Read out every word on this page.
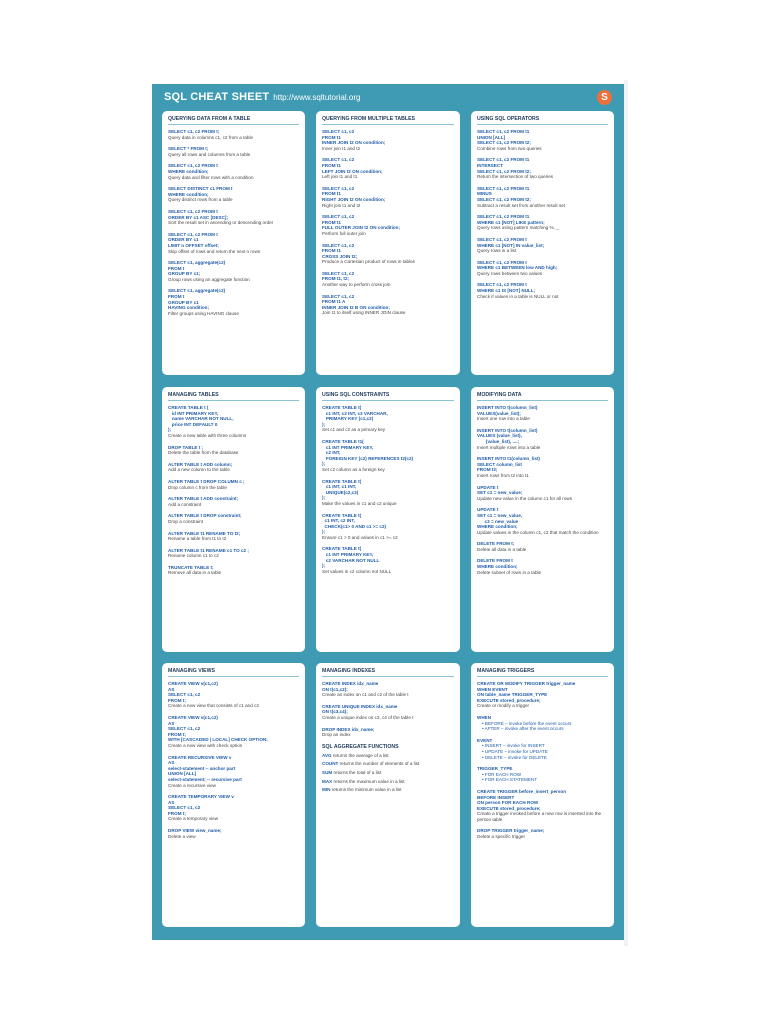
SQL CHEAT SHEET http://www.sqltutorial.org	S
QUERYING DATA FROM A TABLE
SELECT c1, c2 FROM t;
Query data in columns c1, c2 from a table
SELECT * FROM t;
Query all rows and columns from a table
SELECT c1, c2 FROM t
WHERE condition;
Query data and filter rows with a condition
SELECT DISTINCT c1 FROM t
WHERE condition;
Query distinct rows from a table
SELECT c1, c2 FROM t
ORDER BY c1 ASC [DESC];
Sort the result set in ascending or descending order
SELECT c1, c2 FROM t
ORDER BY c1
LIMIT n OFFSET offset;
Skip offset of rows and return the next n rows
SELECT c1, aggregate(c2)
FROM t
GROUP BY c1;
Group rows using an aggregate function
SELECT c1, aggregate(c2)
FROM t
GROUP BY c1
HAVING condition;
Filter groups using HAVING clause
QUERYING FROM MULTIPLE TABLES
SELECT c1, c2
FROM t1
INNER JOIN t2 ON condition;
Inner join t1 and t2
SELECT c1, c2
FROM t1
LEFT JOIN t2 ON condition;
Left join t1 and t1
SELECT c1, c2
FROM t1
RIGHT JOIN t2 ON condition;
Right join t1 and t2
SELECT c1, c2
FROM t1
FULL OUTER JOIN t2 ON condition;
Perform full outer join
SELECT c1, c2
FROM t1
CROSS JOIN t2;
Produce a Cartesian product of rows in tables
SELECT c1, c2
FROM t1, t2;
Another way to perform cross join
SELECT c1, c2
FROM t1 A
INNER JOIN t2 B ON condition;
Join t1 to itself using INNER JOIN clause
USING SQL OPERATORS
SELECT c1, c2 FROM t1
UNION [ALL]
SELECT c1, c2 FROM t2;
Combine rows from two queries
SELECT c1, c2 FROM t1
INTERSECT
SELECT c1, c2 FROM t2;
Return the intersection of two queries
SELECT c1, c2 FROM t1
MINUS
SELECT c1, c2 FROM t2;
Subtract a result set from another result set
SELECT c1, c2 FROM t1
WHERE c1 [NOT] LIKE pattern;
Query rows using pattern matching %, _
SELECT c1, c2 FROM t
WHERE c1 [NOT] IN value_list;
Query rows in a list
SELECT c1, c2 FROM t
WHERE c1 BETWEEN low AND high;
Query rows between two values
SELECT c1, c2 FROM t
WHERE c1 IS [NOT] NULL;
Check if values in a table is NULL or not
MANAGING TABLES
CREATE TABLE t (
id INT PRIMARY KEY,
name VARCHAR NOT NULL,
price INT DEFAULT 0
);
Create a new table with three columns
DROP TABLE t ;
Delete the table from the database
ALTER TABLE t ADD column;
Add a new column to the table
ALTER TABLE t DROP COLUMN c ;
Drop column c from the table
ALTER TABLE t ADD constraint;
Add a constraint
ALTER TABLE t DROP constraint;
Drop a constraint
ALTER TABLE t1 RENAME TO t2;
Rename a table from t1 to t2
ALTER TABLE t1 RENAME c1 TO c2 ;
Rename column c1 to c2
TRUNCATE TABLE t;
Remove all data in a table
USING SQL CONSTRAINTS
CREATE TABLE t(
c1 INT, c2 INT, c3 VARCHAR,
PRIMARY KEY (c1,c2)
);
Set c1 and c2 as a primary key
CREATE TABLE t1(
c1 INT PRIMARY KEY,
c2 INT,
FOREIGN KEY (c2) REFERENCES t2(c2)
);
Set c2 column as a foreign key
CREATE TABLE t(
c1 INT, c1 INT,
UNIQUE(c2,c3)
);
Make the values in c1 and c2 unique
CREATE TABLE t(
c1 INT, c2 INT,
CHECK(c1> 0 AND c1 >= c2)
);
Ensure c1 > 0 and values in c1 >= c2
CREATE TABLE t(
c1 INT PRIMARY KEY,
c2 VARCHAR NOT NULL
);
Set values in c2 column not NULL
MODIFYING DATA
INSERT INTO t(column_list)
VALUES(value_list);
Insert one row into a table
INSERT INTO t(column_list)
VALUES (value_list),
(value_list), ....;
Insert multiple rows into a table
INSERT INTO t1(column_list)
SELECT column_list
FROM t2;
Insert rows from t2 into t1
UPDATE t
SET c1 = new_value;
Update new value in the column c1 for all rows
UPDATE t
SET c1 = new_value,
c2 = new_value
WHERE condition;
Update values in the column c1, c2 that match the condition
DELETE FROM t;
Delete all data in a table
DELETE FROM t
WHERE condition;
Delete subset of rows in a table
MANAGING VIEWS
CREATE VIEW v(c1,c2)
AS
SELECT c1, c2
FROM t;
Create a new view that consists of c1 and c2
CREATE VIEW v(c1,c2)
AS
SELECT c1, c2
FROM t;
WITH [CASCADED | LOCAL] CHECK OPTION;
Create a new view with check option
CREATE RECURSIVE VIEW v
AS
select-statement -- anchor part
UNION [ALL]
select-statement; -- recursive part
Create a recursive view
CREATE TEMPORARY VIEW v
AS
SELECT c1, c2
FROM t;
Create a temporary view
DROP VIEW view_name;
Delete a view
MANAGING INDEXES
CREATE INDEX idx_name
ON t(c1,c2);
Create an index on c1 and c2 of the table t
CREATE UNIQUE INDEX idx_name
ON t(c3,c4);
Create a unique index on c3, c4 of the table t
DROP INDEX idx_name;
Drop an index
SQL AGGREGATE FUNCTIONS
AVG returns the average of a list
COUNT returns the number of elements of a list
SUM returns the total of a list
MAX returns the maximum value in a list
MIN returns the minimum value in a list
MANAGING TRIGGERS
CREATE OR MODIFY TRIGGER trigger_name
WHEN EVENT
ON table_name TRIGGER_TYPE
EXECUTE stored_procedure;
Create or modify a trigger
WHEN
• BEFORE – invoke before the event occurs
• AFTER – invoke after the event occurs
EVENT
• INSERT – invoke for INSERT
• UPDATE – invoke for UPDATE
• DELETE – invoke for DELETE
TRIGGER_TYPE
• FOR EACH ROW
• FOR EACH STATEMENT
CREATE TRIGGER before_insert_person
BEFORE INSERT
ON person FOR EACH ROW
EXECUTE stored_procedure;
Create a trigger invoked before a new row is inserted into the person table
DROP TRIGGER trigger_name;
Delete a specific trigger
